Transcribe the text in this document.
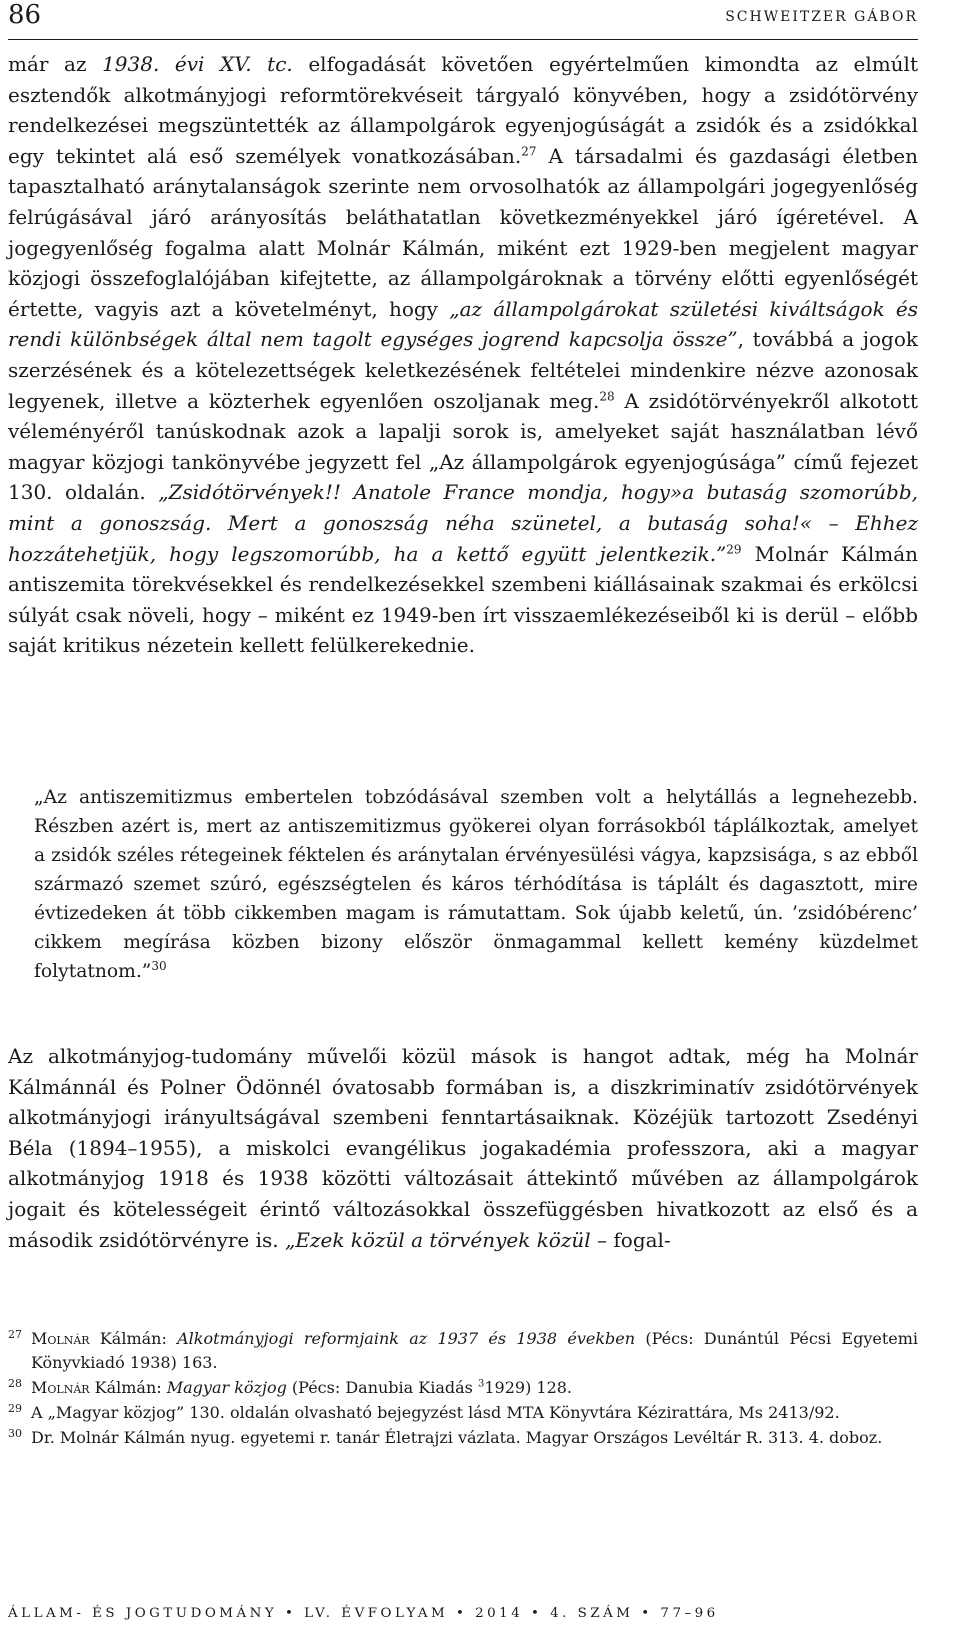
86	SCHWEITZER GÁBOR
már az 1938. évi XV. tc. elfogadását követően egyértelműen kimondta az elmúlt esztendők alkotmányjogi reformtörekvéseit tárgyaló könyvében, hogy a zsidótörvény rendelkezései megszüntették az állampolgárok egyenjogúságát a zsidók és a zsidókkal egy tekintet alá eső személyek vonatkozásában.$^{27}$ A társadalmi és gazdasági életben tapasztalható aránytalanságok szerinte nem orvosolhatók az állampolgári jogegyenlőség felrúgásával járó arányosítás beláthatatlan következményekkel járó ígéretével. A jogegyenlőség fogalma alatt Molnár Kálmán, miként ezt 1929-ben megjelent magyar közjogi összefoglalójában kifejtette, az állampolgároknak a törvény előtti egyenlőségét értette, vagyis azt a követelményt, hogy „az állampolgárokat születési kiváltságok és rendi különbségek által nem tagolt egységes jogrend kapcsolja össze”, továbbá a jogok szerzésének és a kötelezettségek keletkezésének feltételei mindenkire nézve azonosak legyenek, illetve a közterhek egyenlően oszoljanak meg.$^{28}$ A zsidótörvényekről alkotott véleményéről tanúskodnak azok a lapalji sorok is, amelyeket saját használatban lévő magyar közjogi tankönyvébe jegyzett fel „Az állampolgárok egyenjogúsága” című fejezet 130. oldalán. „Zsidótörvények!! Anatole France mondja, hogy»a butaság szomorúbb, mint a gonoszság. Mert a gonoszság néha szünetel, a butaság soha!« – Ehhez hozzátehetjük, hogy legszomorúbb, ha a kettő együtt jelentkezik.”$^{29}$ Molnár Kálmán antiszemita törekvésekkel és rendelkezésekkel szembeni kiállásainak szakmai és erkölcsi súlyát csak növeli, hogy – miként ez 1949-ben írt visszaemlékezéseiből ki is derül – előbb saját kritikus nézetein kellett felülkerekednie.
„Az antiszemitizmus embertelen tobzódásával szemben volt a helytállás a legnehezebb. Részben azért is, mert az antiszemitizmus gyökerei olyan forrásokból táplálkoztak, amelyet a zsidók széles rétegeinek féktelen és aránytalan érvényesülési vágya, kapzsisága, s az ebből származó szemet szúró, egészségtelen és káros térhódítása is táplált és dagasztott, mire évtizedeken át több cikkemben magam is rámutattam. Sok újabb keletű, ún. ’zsidóbérenc’ cikkem megírása közben bizony először önmagammal kellett kemény küzdelmet folytatnom.”$^{30}$
Az alkotmányjog-tudomány művelői közül mások is hangot adtak, még ha Molnár Kálmánnál és Polner Ödönnél óvatosabb formában is, a diszkriminatív zsidótörvények alkotmányjogi irányultságával szembeni fenntartásaiknak. Közéjük tartozott Zsedényi Béla (1894–1955), a miskolci evangélikus jogakadémia professzora, aki a magyar alkotmányjog 1918 és 1938 közötti változásait áttekintő művében az állampolgárok jogait és kötelességeit érintő változásokkal összefüggésben hivatkozott az első és a második zsidótörvényre is. „Ezek közül a törvények közül – fogal-
27 Molnár Kálmán: Alkotmányjogi reformjaink az 1937 és 1938 években (Pécs: Dunántúl Pécsi Egyetemi Könyvkiadó 1938) 163.
28 Molnár Kálmán: Magyar közjog (Pécs: Danubia Kiadás $^3$1929) 128.
29 A „Magyar közjog” 130. oldalán olvasható bejegyzést lásd MTA Könyvtára Kézirattára, Ms 2413/92.
30 Dr. Molnár Kálmán nyug. egyetemi r. tanár Életrajzi vázlata. Magyar Országos Levéltár R. 313. 4. doboz.
ÁLLAM- ÉS JOGTUDOMÁNY • LV. ÉVFOLYAM • 2014 • 4. SZÁM • 77–96
